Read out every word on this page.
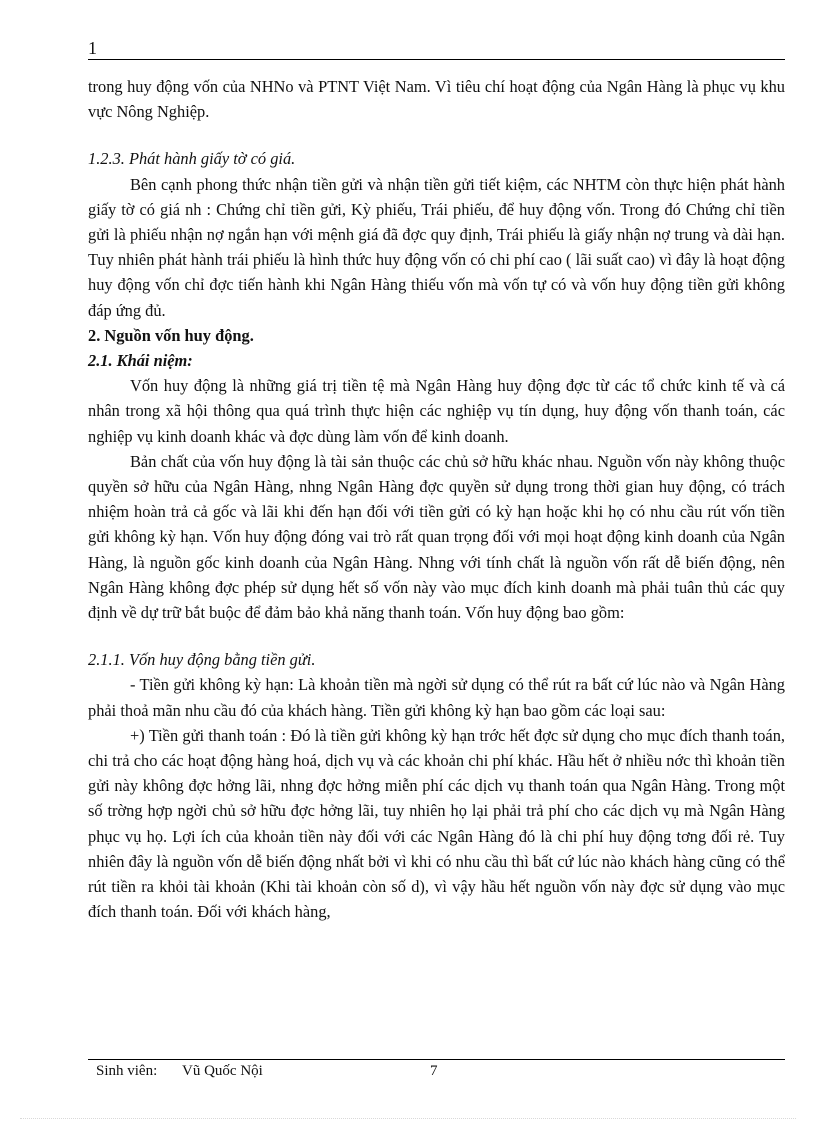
1

trong huy động vốn của NHNo và PTNT Việt Nam. Vì tiêu chí hoạt động của Ngân Hàng là phục vụ khu vực Nông Nghiệp.

1.2.3. Phát hành giấy tờ có giá.

Bên cạnh phong thức nhận tiền gửi và nhận tiền gửi tiết kiệm, các NHTM còn thực hiện phát hành giấy tờ có giá nh : Chứng chỉ tiền gửi, Kỳ phiếu, Trái phiếu, để huy động vốn. Trong đó Chứng chỉ tiền gửi là phiếu nhận nợ ngắn hạn với mệnh giá đã đợc quy định, Trái phiếu là giấy nhận nợ trung và dài hạn. Tuy nhiên phát hành trái phiếu là hình thức huy động vốn có chi phí cao ( lãi suất cao) vì đây là hoạt động huy động vốn chỉ đợc tiến hành khi Ngân Hàng thiếu vốn mà vốn tự có và vốn huy động tiền gửi không đáp ứng đủ.

2. Nguồn vốn huy động.

2.1. Khái niệm:

Vốn huy động là những giá trị tiền tệ mà Ngân Hàng huy động đợc từ các tổ chức kinh tế và cá nhân trong xã hội thông qua quá trình thực hiện các nghiệp vụ tín dụng, huy động vốn thanh toán, các nghiệp vụ kinh doanh khác và đợc dùng làm vốn để kinh doanh.

Bản chất của vốn huy động là tài sản thuộc các chủ sở hữu khác nhau. Nguồn vốn này không thuộc quyền sở hữu của Ngân Hàng, nhng Ngân Hàng đợc quyền sử dụng trong thời gian huy động, có trách nhiệm hoàn trả cả gốc và lãi khi đến hạn đối với tiền gửi có kỳ hạn hoặc khi họ có nhu cầu rút vốn tiền gửi không kỳ hạn. Vốn huy động đóng vai trò rất quan trọng đối với mọi hoạt động kinh doanh của Ngân Hàng, là nguồn gốc kinh doanh của Ngân Hàng. Nhng với tính chất là nguồn vốn rất dễ biến động, nên Ngân Hàng không đợc phép sử dụng hết số vốn này vào mục đích kinh doanh mà phải tuân thủ các quy định về dự trữ bắt buộc để đảm bảo khả năng thanh toán. Vốn huy động bao gồm:

2.1.1. Vốn huy động bằng tiền gửi.

- Tiền gửi không kỳ hạn: Là khoản tiền mà ngời sử dụng có thể rút ra bất cứ lúc nào và Ngân Hàng phải thoả mãn nhu cầu đó của khách hàng. Tiền gửi không kỳ hạn bao gồm các loại sau:

+) Tiền gửi thanh toán : Đó là tiền gửi không kỳ hạn trớc hết đợc sử dụng cho mục đích thanh toán, chi trả cho các hoạt động hàng hoá, dịch vụ và các khoản chi phí khác. Hầu hết ở nhiều nớc thì khoản tiền gửi này không đợc hởng lãi, nhng đợc hởng miễn phí các dịch vụ thanh toán qua Ngân Hàng. Trong một số trờng hợp ngời chủ sở hữu đợc hởng lãi, tuy nhiên họ lại phải trả phí cho các dịch vụ mà Ngân Hàng phục vụ họ. Lợi ích của khoản tiền này đối với các Ngân Hàng đó là chi phí huy động tơng đối rẻ. Tuy nhiên đây là nguồn vốn dễ biến động nhất bởi vì khi có nhu cầu thì bất cứ lúc nào khách hàng cũng có thể rút tiền ra khỏi tài khoản (Khi tài khoản còn số d), vì vậy hầu hết nguồn vốn này đợc sử dụng vào mục đích thanh toán. Đối với khách hàng,

Sinh viên: Vũ Quốc Nội	7
